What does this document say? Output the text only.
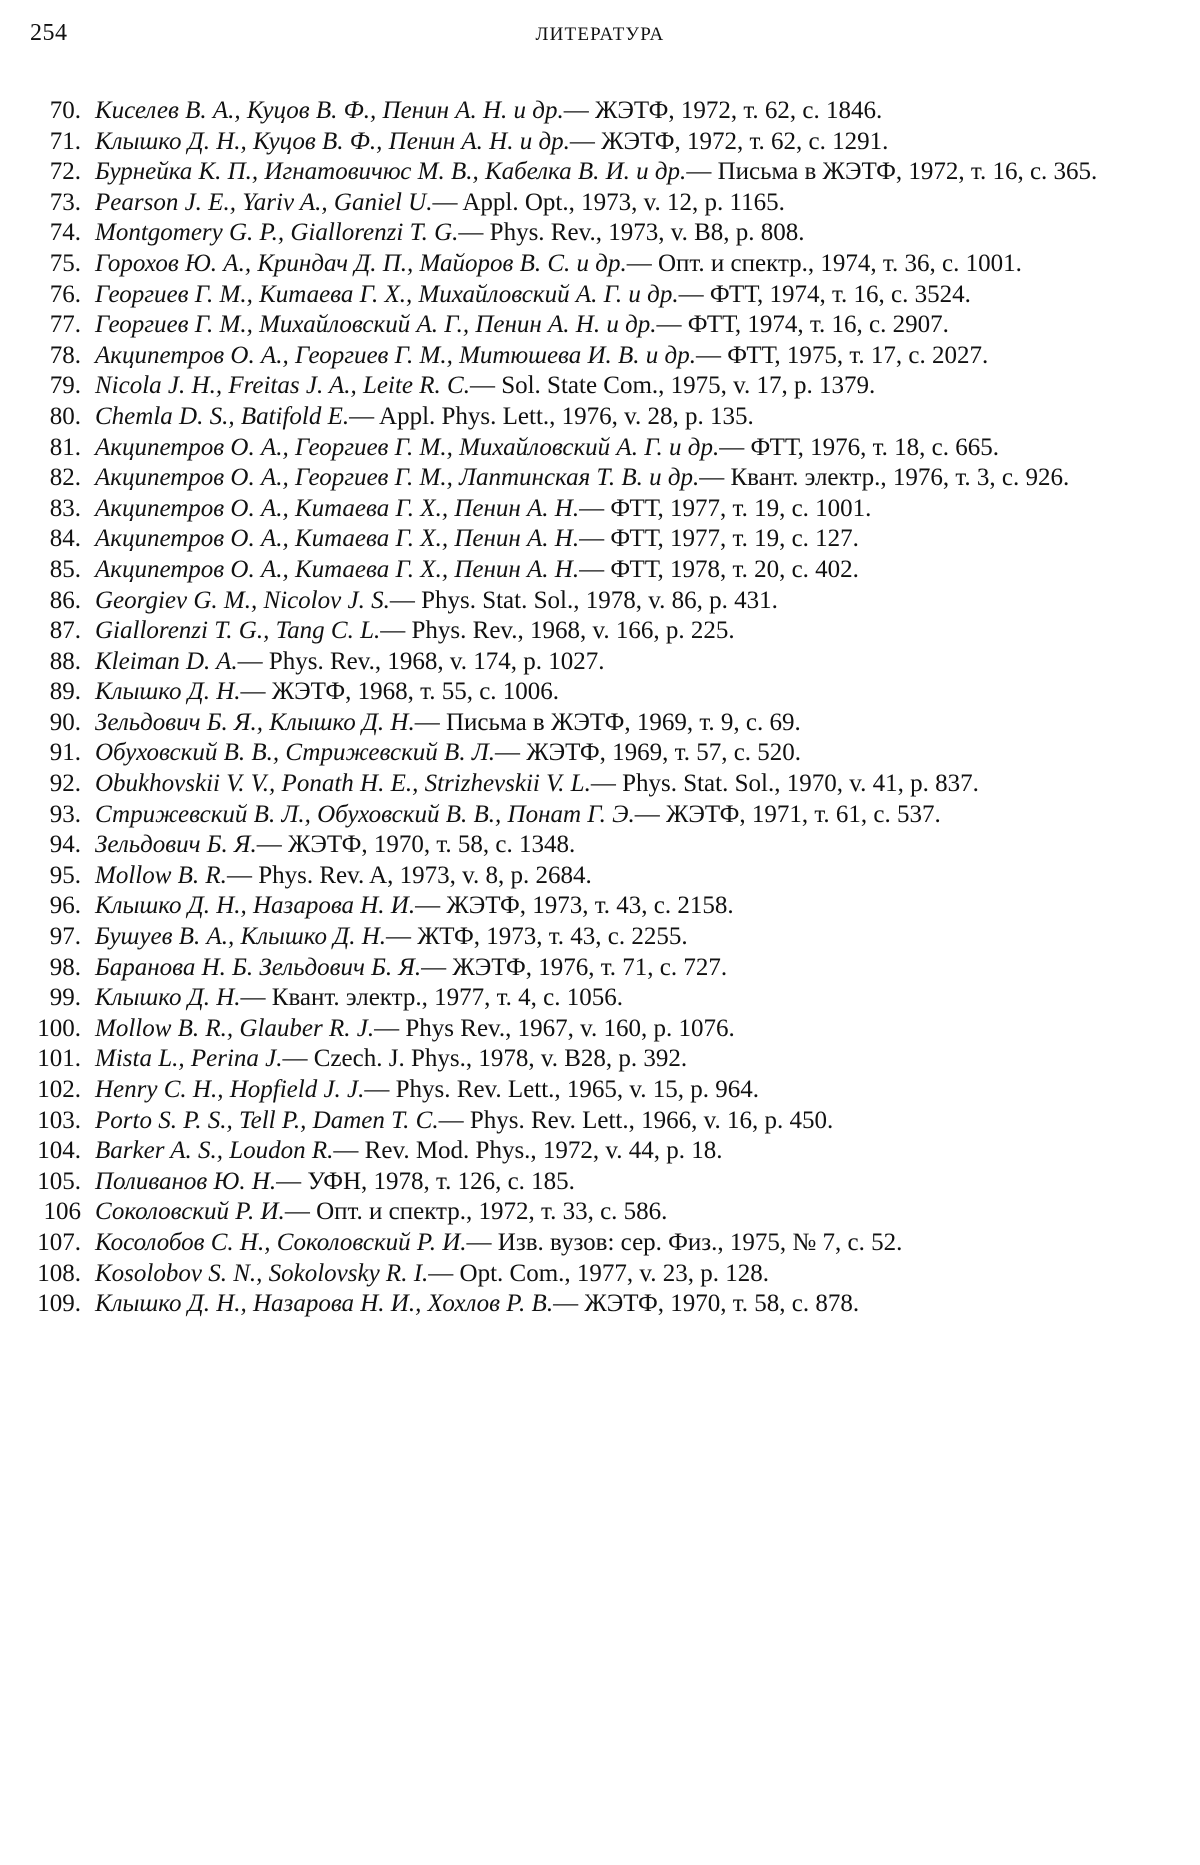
254	ЛИТЕРАТУРА
70. Киселев В. А., Куцов В. Ф., Пенин А. Н. и др.— ЖЭТФ, 1972, т. 62, с. 1846.
71. Клышко Д. Н., Куцов В. Ф., Пенин А. Н. и др.— ЖЭТФ, 1972, т. 62, с. 1291.
72. Бурнейка К. П., Игнатовичюс М. В., Кабелка В. И. и др.— Письма в ЖЭТФ, 1972, т. 16, с. 365.
73. Pearson J. E., Yariv A., Ganiel U.— Appl. Opt., 1973, v. 12, p. 1165.
74. Montgomery G. P., Giallorenzi T. G.— Phys. Rev., 1973, v. B8, p. 808.
75. Горохов Ю. А., Криндач Д. П., Майоров В. С. и др.— Опт. и спектр., 1974, т. 36, с. 1001.
76. Георгиев Г. М., Китаева Г. Х., Михайловский А. Г. и др.— ФТТ, 1974, т. 16, с. 3524.
77. Георгиев Г. М., Михайловский А. Г., Пенин А. Н. и др.— ФТТ, 1974, т. 16, с. 2907.
78. Акципетров О. А., Георгиев Г. М., Митюшева И. В. и др.— ФТТ, 1975, т. 17, с. 2027.
79. Nicola J. H., Freitas J. A., Leite R. C.— Sol. State Com., 1975, v. 17, p. 1379.
80. Chemla D. S., Batifold E.— Appl. Phys. Lett., 1976, v. 28, p. 135.
81. Акципетров О. А., Георгиев Г. М., Михайловский А. Г. и др.— ФТТ, 1976, т. 18, с. 665.
82. Акципетров О. А., Георгиев Г. М., Лаптинская Т. В. и др.— Квант. электр., 1976, т. 3, с. 926.
83. Акципетров О. А., Китаева Г. Х., Пенин А. Н.— ФТТ, 1977, т. 19, с. 1001.
84. Акципетров О. А., Китаева Г. Х., Пенин А. Н.— ФТТ, 1977, т. 19, с. 127.
85. Акципетров О. А., Китаева Г. Х., Пенин А. Н.— ФТТ, 1978, т. 20, с. 402.
86. Georgiev G. M., Nicolov J. S.— Phys. Stat. Sol., 1978, v. 86, p. 431.
87. Giallorenzi T. G., Tang C. L.— Phys. Rev., 1968, v. 166, p. 225.
88. Kleiman D. A.— Phys. Rev., 1968, v. 174, p. 1027.
89. Клышко Д. Н.— ЖЭТФ, 1968, т. 55, с. 1006.
90. Зельдович Б. Я., Клышко Д. Н.— Письма в ЖЭТФ, 1969, т. 9, с. 69.
91. Обуховский В. В., Стрижевский В. Л.— ЖЭТФ, 1969, т. 57, с. 520.
92. Obukhovskii V. V., Ponath H. E., Strizhevskii V. L.— Phys. Stat. Sol., 1970, v. 41, p. 837.
93. Стрижевский В. Л., Обуховский В. В., Понат Г. Э.— ЖЭТФ, 1971, т. 61, с. 537.
94. Зельдович Б. Я.— ЖЭТФ, 1970, т. 58, с. 1348.
95. Mollow B. R.— Phys. Rev. A, 1973, v. 8, p. 2684.
96. Клышко Д. Н., Назарова Н. И.— ЖЭТФ, 1973, т. 43, с. 2158.
97. Бушуев В. А., Клышко Д. Н.— ЖТФ, 1973, т. 43, с. 2255.
98. Баранова Н. Б. Зельдович Б. Я.— ЖЭТФ, 1976, т. 71, с. 727.
99. Клышко Д. Н.— Квант. электр., 1977, т. 4, с. 1056.
100. Mollow B. R., Glauber R. J.— Phys Rev., 1967, v. 160, p. 1076.
101. Mista L., Perina J.— Czech. J. Phys., 1978, v. B28, p. 392.
102. Henry C. H., Hopfield J. J.— Phys. Rev. Lett., 1965, v. 15, p. 964.
103. Porto S. P. S., Tell P., Damen T. C.— Phys. Rev. Lett., 1966, v. 16, p. 450.
104. Barker A. S., Loudon R.— Rev. Mod. Phys., 1972, v. 44, p. 18.
105. Поливанов Ю. Н.— УФН, 1978, т. 126, с. 185.
106 Соколовский Р. И.— Опт. и спектр., 1972, т. 33, с. 586.
107. Косолобов С. Н., Соколовский Р. И.— Изв. вузов: сер. Физ., 1975, № 7, с. 52.
108. Kosolobov S. N., Sokolovsky R. I.— Opt. Com., 1977, v. 23, p. 128.
109. Клышко Д. Н., Назарова Н. И., Хохлов Р. В.— ЖЭТФ, 1970, т. 58, с. 878.
